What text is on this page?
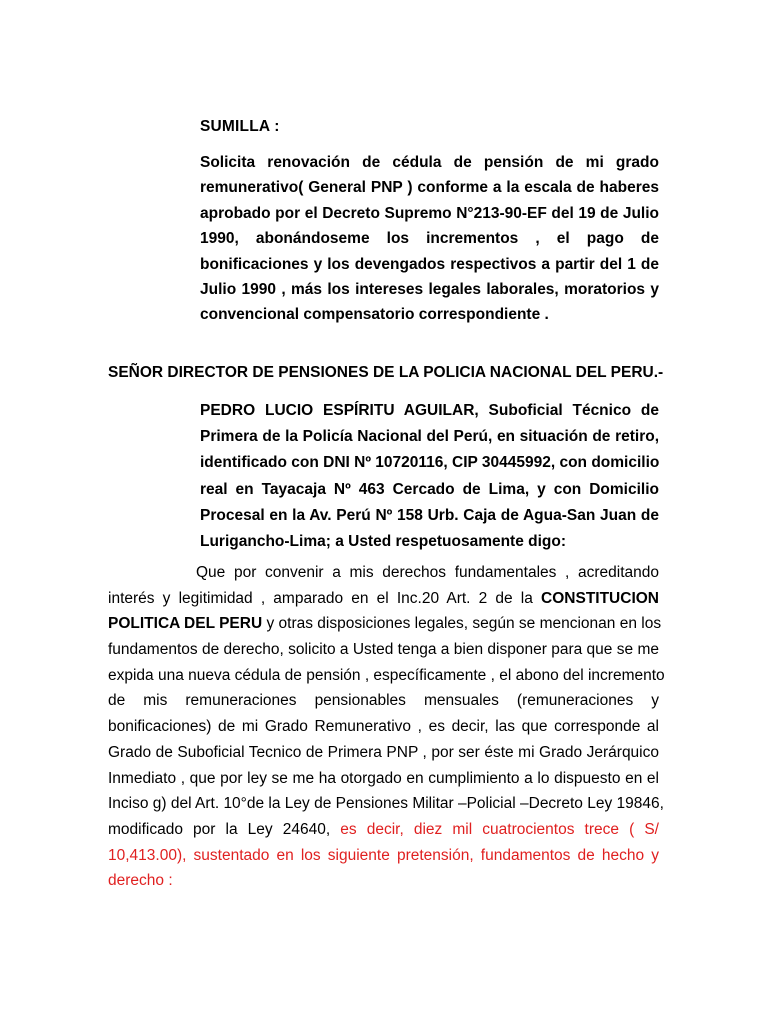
SUMILLA :
Solicita renovación de cédula de pensión de mi grado
remunerativo( General PNP ) conforme a la escala de haberes
aprobado por el Decreto Supremo N°213-90-EF del 19 de Julio
1990, abonándoseme los incrementos , el pago de
bonificaciones y los devengados respectivos a partir del 1 de
Julio 1990 , más los intereses legales laborales, moratorios y
convencional compensatorio correspondiente .
SEÑOR DIRECTOR DE PENSIONES DE LA POLICIA NACIONAL DEL PERU.-
PEDRO LUCIO ESPÍRITU AGUILAR, Suboficial Técnico de
Primera de la Policía Nacional del Perú, en situación de retiro,
identificado con DNI Nº 10720116, CIP 30445992, con domicilio
real en Tayacaja Nº 463 Cercado de Lima, y con Domicilio
Procesal en la Av. Perú Nº 158 Urb. Caja de Agua-San Juan de
Lurigancho-Lima; a Usted respetuosamente digo:
Que por convenir a mis derechos fundamentales , acreditando
interés y legitimidad , amparado en el Inc.20 Art. 2 de la CONSTITUCION
POLITICA DEL PERU y otras disposiciones legales, según se mencionan en los
fundamentos de derecho, solicito a Usted tenga a bien disponer para que se me
expida una nueva cédula de pensión , específicamente , el abono del incremento
de mis remuneraciones pensionables mensuales (remuneraciones y
bonificaciones) de mi Grado Remunerativo , es decir, las que corresponde al
Grado de Suboficial Tecnico de Primera PNP , por ser éste mi Grado Jerárquico
Inmediato , que por ley se me ha otorgado en cumplimiento a lo dispuesto en el
Inciso g) del Art. 10°de la Ley de Pensiones Militar –Policial –Decreto Ley 19846,
modificado por la Ley 24640, es decir, diez mil cuatrocientos trece ( S/
10,413.00), sustentado en los siguiente pretensión, fundamentos de hecho y
derecho :
